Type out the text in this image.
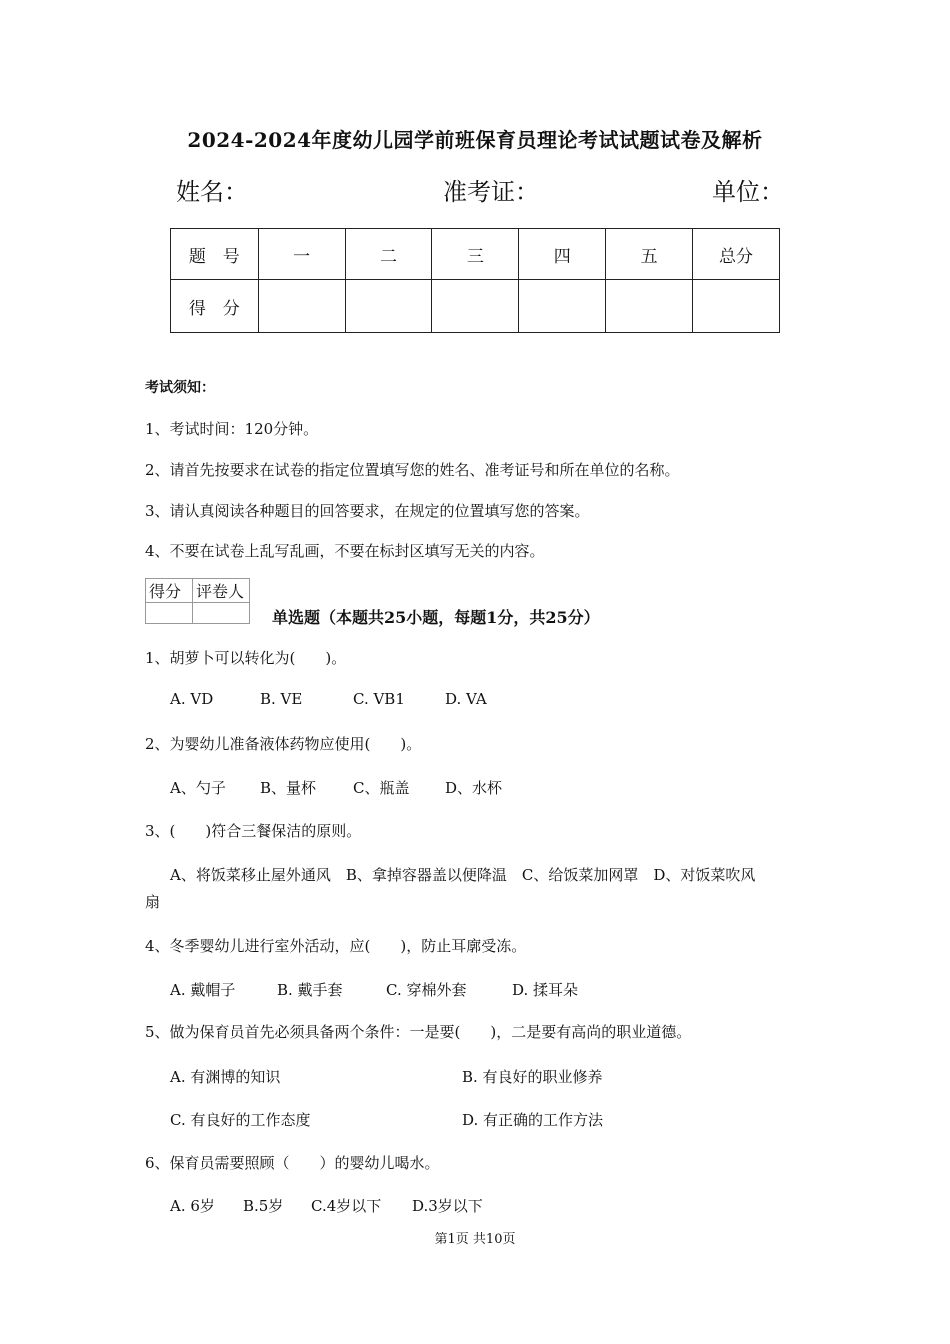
2024-2024年度幼儿园学前班保育员理论考试试题试卷及解析
姓名：	准考证：	单位：
题　号	一	二	三	四	五	总分
得　分						
考试须知：
1、考试时间：120分钟。
2、请首先按要求在试卷的指定位置填写您的姓名、准考证号和所在单位的名称。
3、请认真阅读各种题目的回答要求，在规定的位置填写您的答案。
4、不要在试卷上乱写乱画，不要在标封区填写无关的内容。
得分	评卷人

单选题（本题共25小题，每题1分，共25分）
1、胡萝卜可以转化为(　　)。
A. VD	B. VE	C. VB1	D. VA
2、为婴幼儿准备液体药物应使用(　　)。
A、勺子 B、量杯 C、瓶盖 D、水杯
3、(　　)符合三餐保洁的原则。
A、将饭菜移止屋外通风　B、拿掉容器盖以便降温　C、给饭菜加网罩　D、对饭菜吹风
扇
4、冬季婴幼儿进行室外活动，应(　　)，防止耳廓受冻。
A. 戴帽子	B. 戴手套	C. 穿棉外套	D. 揉耳朵
5、做为保育员首先必须具备两个条件：一是要(　　)，二是要有高尚的职业道德。
A. 有渊博的知识	B. 有良好的职业修养
C. 有良好的工作态度	D. 有正确的工作方法
6、保育员需要照顾（　　）的婴幼儿喝水。
A. 6岁 B.5岁 C.4岁以下 D.3岁以下
第1页 共10页
